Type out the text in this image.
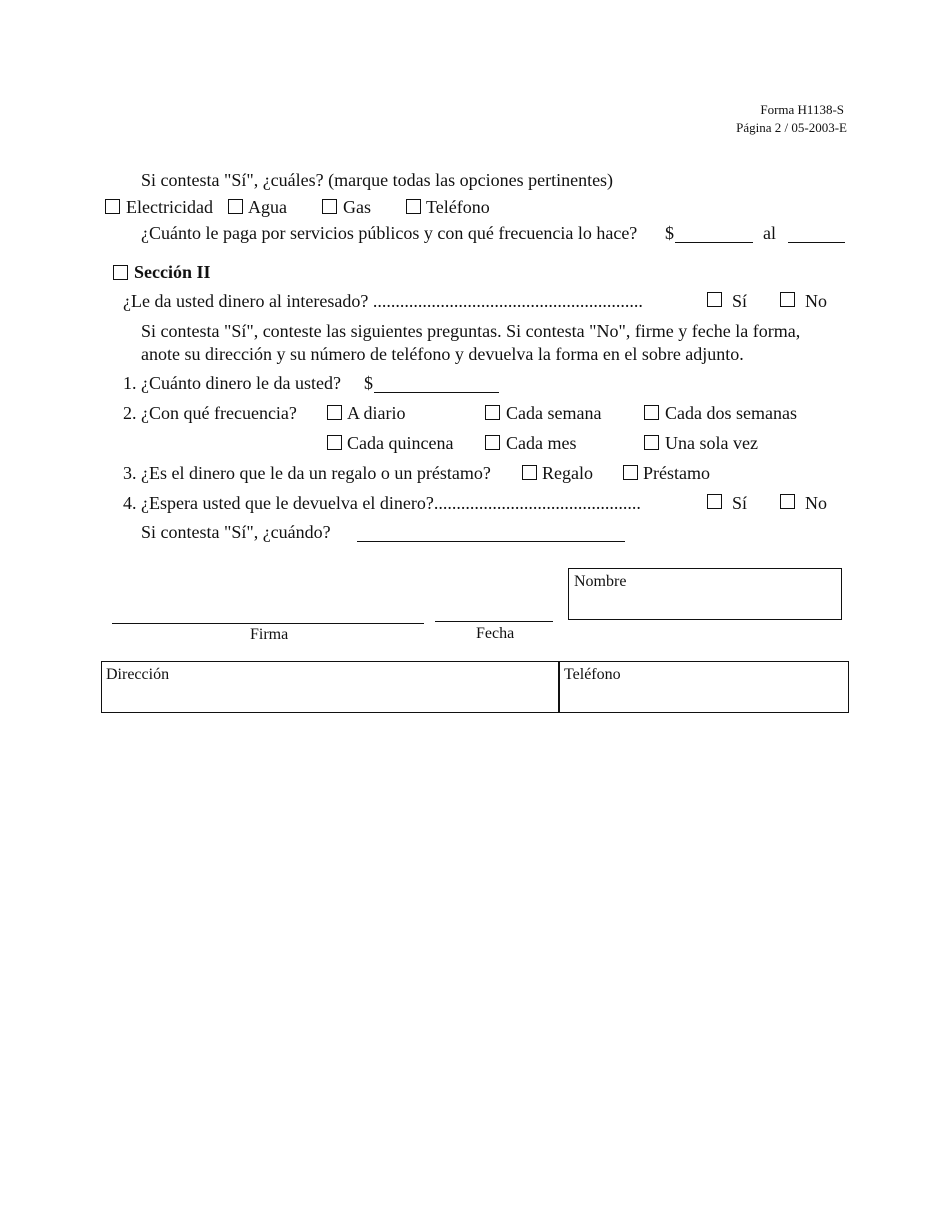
Forma H1138-S
Página 2 / 05-2003-E
Si contesta "Sí", ¿cuáles? (marque todas las opciones pertinentes)
Electricidad Agua	Gas	Teléfono
¿Cuánto le paga por servicios públicos y con qué frecuencia lo hace? $	al
Sección II
¿Le da usted dinero al interesado? ............................................................	Sí	No
Si contesta "Sí", conteste las siguientes preguntas. Si contesta "No", firme y feche la forma,
anote su dirección y su número de teléfono y devuelva la forma en el sobre adjunto.
1. ¿Cuánto dinero le da usted? $
2. ¿Con qué frecuencia?	A diario	Cada semana	Cada dos semanas
Cada quincena	Cada mes	Una sola vez
3. ¿Es el dinero que le da un regalo o un préstamo?	Regalo	Préstamo
4. ¿Espera usted que le devuelva el dinero?..............................................	Sí	No
Si contesta "Sí", ¿cuándo?
Firma	Fecha
Nombre
Dirección	Teléfono
